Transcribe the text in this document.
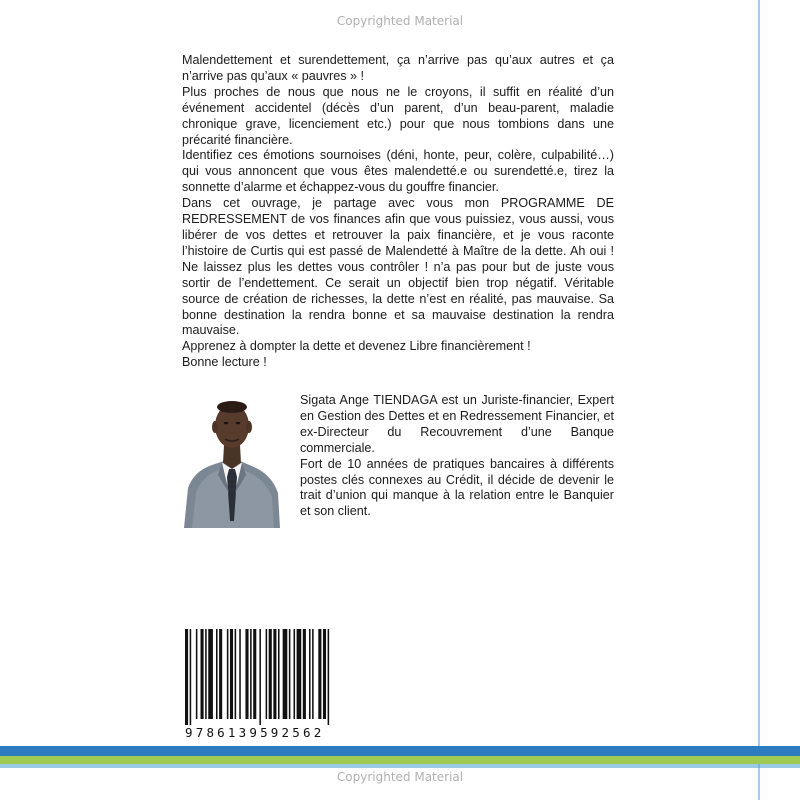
Copyrighted Material

Malendettement et surendettement, ça n’arrive pas qu’aux autres et ça n’arrive pas qu’aux « pauvres » !

Plus proches de nous que nous ne le croyons, il suffit en réalité d’un événement accidentel (décès d’un parent, d’un beau-parent, maladie chronique grave, licenciement etc.) pour que nous tombions dans une précarité financière.

Identifiez ces émotions sournoises (déni, honte, peur, colère, culpabilité…) qui vous annoncent que vous êtes malendetté.e ou surendetté.e, tirez la sonnette d’alarme et échappez-vous du gouffre financier.

Dans cet ouvrage, je partage avec vous mon PROGRAMME DE REDRESSEMENT de vos finances afin que vous puissiez, vous aussi, vous libérer de vos dettes et retrouver la paix financière, et je vous raconte l’histoire de Curtis qui est passé de Malendetté à Maître de la dette. Ah oui ! Ne laissez plus les dettes vous contrôler ! n’a pas pour but de juste vous sortir de l’endettement. Ce serait un objectif bien trop négatif. Véritable source de création de richesses, la dette n’est en réalité, pas mauvaise. Sa bonne destination la rendra bonne et sa mauvaise destination la rendra mauvaise.

Apprenez à dompter la dette et devenez Libre financièrement !

Bonne lecture !

Sigata Ange TIENDAGA est un Juriste-financier, Expert en Gestion des Dettes et en Redressement Financier, et ex-Directeur du Recouvrement d’une Banque commerciale.

Fort de 10 années de pratiques bancaires à différents postes clés connexes au Crédit, il décide de devenir le trait d’union qui manque à la relation entre le Banquier et son client.

9786139592562
Copyrighted Material
